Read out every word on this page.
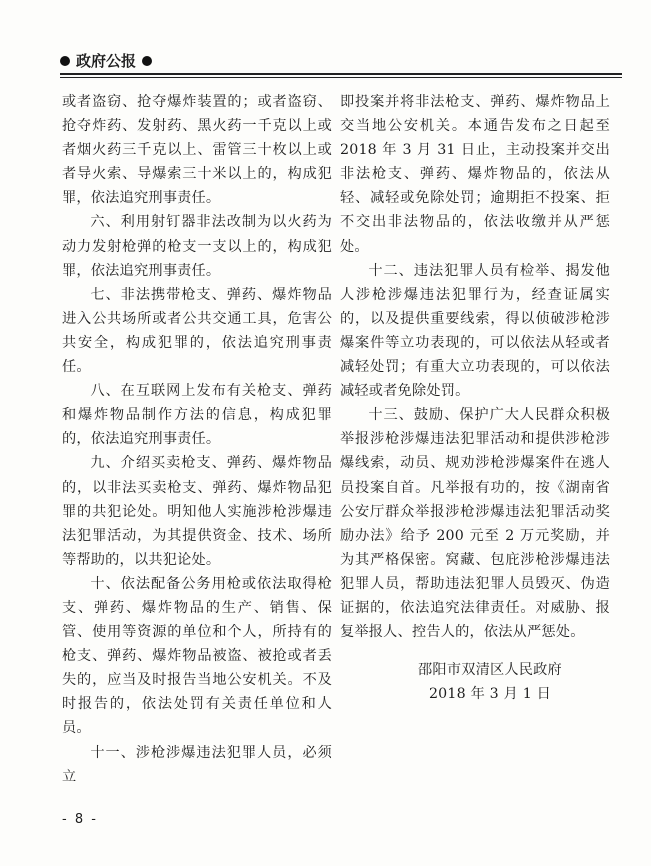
政府公报

或者盗窃、抢夺爆炸装置的；或者盗窃、抢夺炸药、发射药、黑火药一千克以上或者烟火药三千克以上、雷管三十枚以上或者导火索、导爆索三十米以上的，构成犯罪，依法追究刑事责任。

六、利用射钉器非法改制为以火药为动力发射枪弹的枪支一支以上的，构成犯罪，依法追究刑事责任。

七、非法携带枪支、弹药、爆炸物品进入公共场所或者公共交通工具，危害公共安全，构成犯罪的，依法追究刑事责任。

八、在互联网上发布有关枪支、弹药和爆炸物品制作方法的信息，构成犯罪的，依法追究刑事责任。

九、介绍买卖枪支、弹药、爆炸物品的，以非法买卖枪支、弹药、爆炸物品犯罪的共犯论处。明知他人实施涉枪涉爆违法犯罪活动，为其提供资金、技术、场所等帮助的，以共犯论处。

十、依法配备公务用枪或依法取得枪支、弹药、爆炸物品的生产、销售、保管、使用等资源的单位和个人，所持有的枪支、弹药、爆炸物品被盗、被抢或者丢失的，应当及时报告当地公安机关。不及时报告的，依法处罚有关责任单位和人员。

十一、涉枪涉爆违法犯罪人员，必须立

即投案并将非法枪支、弹药、爆炸物品上交当地公安机关。本通告发布之日起至 2018 年 3 月 31 日止，主动投案并交出非法枪支、弹药、爆炸物品的，依法从轻、减轻或免除处罚；逾期拒不投案、拒不交出非法物品的，依法收缴并从严惩处。

十二、违法犯罪人员有检举、揭发他人涉枪涉爆违法犯罪行为，经查证属实的，以及提供重要线索，得以侦破涉枪涉爆案件等立功表现的，可以依法从轻或者减轻处罚；有重大立功表现的，可以依法减轻或者免除处罚。

十三、鼓励、保护广大人民群众积极举报涉枪涉爆违法犯罪活动和提供涉枪涉爆线索，动员、规劝涉枪涉爆案件在逃人员投案自首。凡举报有功的，按《湖南省公安厅群众举报涉枪涉爆违法犯罪活动奖励办法》给予 200 元至 2 万元奖励，并为其严格保密。窝藏、包庇涉枪涉爆违法犯罪人员，帮助违法犯罪人员毁灭、伪造证据的，依法追究法律责任。对威胁、报复举报人、控告人的，依法从严惩处。

邵阳市双清区人民政府

2018 年 3 月 1 日

- 8 -
